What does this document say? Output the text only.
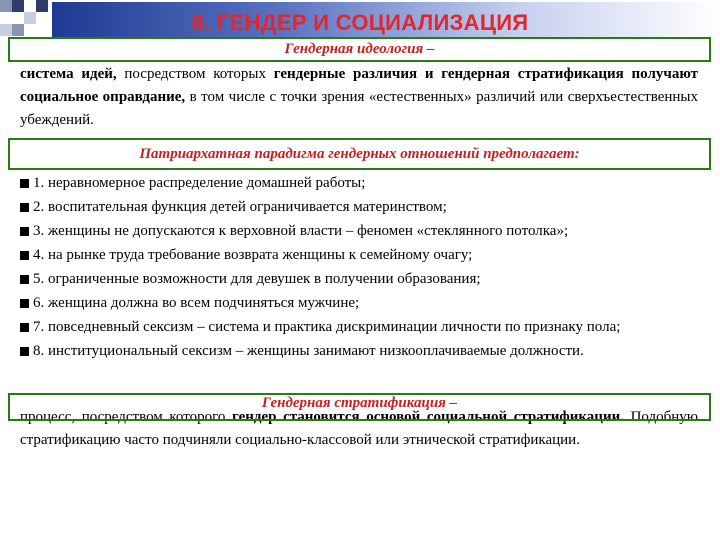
8. ГЕНДЕР И СОЦИАЛИЗАЦИЯ
Гендерная идеология –
система идей, посредством которых гендерные различия и гендерная стратификация получают социальное оправдание, в том числе с точки зрения «естественных» различий или сверхъестественных убеждений.
Патриархатная парадигма гендерных отношений предполагает:
1. неравномерное распределение домашней работы;
2. воспитательная функция детей ограничивается материнством;
3. женщины не допускаются к верховной власти – феномен «стеклянного потолка»;
4. на рынке труда требование возврата женщины к семейному очагу;
5. ограниченные возможности для девушек в получении образования;
6. женщина должна во всем подчиняться мужчине;
7. повседневный сексизм – система и практика дискриминации личности по признаку пола;
8. институциональный сексизм – женщины занимают низкооплачиваемые должности.
процесс, посредством которого гендер становится основой социальной стратификации. Подобную стратификацию часто подчиняли социально-классовой или этнической стратификации.
Гендерная стратификация –
